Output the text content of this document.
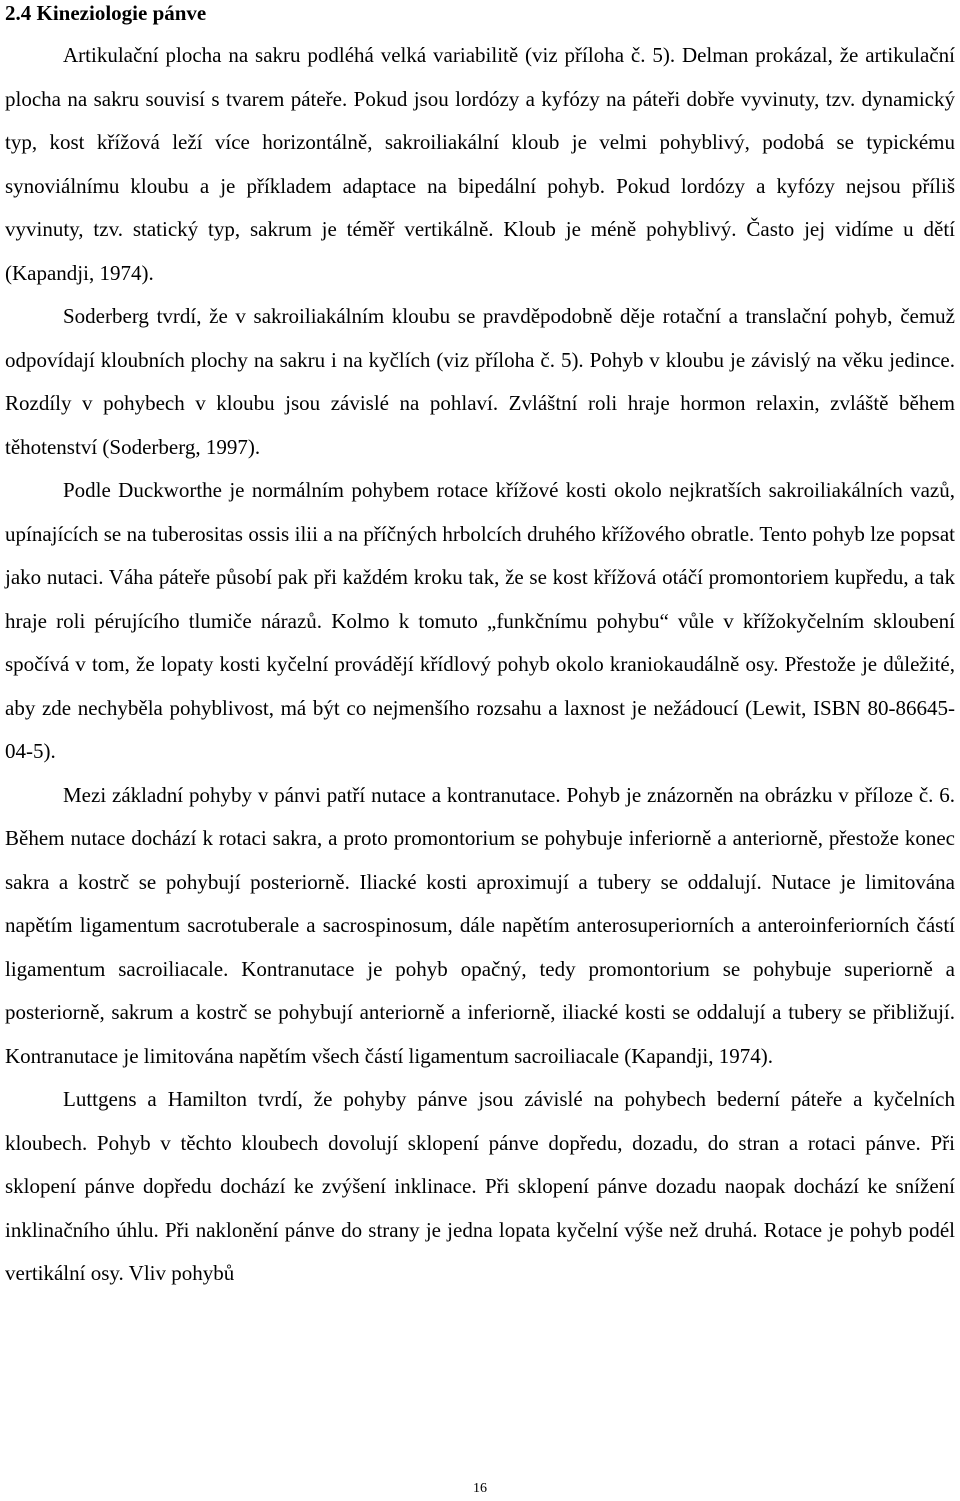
2.4 Kineziologie pánve

Artikulační plocha na sakru podléhá velká variabilitě (viz příloha č. 5). Delman prokázal, že artikulační plocha na sakru souvisí s tvarem páteře. Pokud jsou lordózy a kyfózy na páteři dobře vyvinuty, tzv. dynamický typ, kost křížová leží více horizontálně, sakroiliakální kloub je velmi pohyblivý, podobá se typickému synoviálnímu kloubu a je příkladem adaptace na bipedální pohyb. Pokud lordózy a kyfózy nejsou příliš vyvinuty, tzv. statický typ, sakrum je téměř vertikálně. Kloub je méně pohyblivý. Často jej vidíme u dětí (Kapandji, 1974).

Soderberg tvrdí, že v sakroiliakálním kloubu se pravděpodobně děje rotační a translační pohyb, čemuž odpovídají kloubních plochy na sakru i na kyčlích (viz příloha č. 5). Pohyb v kloubu je závislý na věku jedince. Rozdíly v pohybech v kloubu jsou závislé na pohlaví. Zvláštní roli hraje hormon relaxin, zvláště během těhotenství (Soderberg, 1997).

Podle Duckworthe je normálním pohybem rotace křížové kosti okolo nejkratších sakroiliakálních vazů, upínajících se na tuberositas ossis ilii a na příčných hrbolcích druhého křížového obratle. Tento pohyb lze popsat jako nutaci. Váha páteře působí pak při každém kroku tak, že se kost křížová otáčí promontoriem kupředu, a tak hraje roli pérujícího tlumiče nárazů. Kolmo k tomuto „funkčnímu pohybu“ vůle v křížokyčelním skloubení spočívá v tom, že lopaty kosti kyčelní provádějí křídlový pohyb okolo kraniokaudálně osy. Přestože je důležité, aby zde nechyběla pohyblivost, má být co nejmenšího rozsahu a laxnost je nežádoucí (Lewit, ISBN 80-86645-04-5).

Mezi základní pohyby v pánvi patří nutace a kontranutace. Pohyb je znázorněn na obrázku v příloze č. 6. Během nutace dochází k rotaci sakra, a proto promontorium se pohybuje inferiorně a anteriorně, přestože konec sakra a kostrč se pohybují posteriorně. Iliacké kosti aproximují a tubery se oddalují. Nutace je limitována napětím ligamentum sacrotuberale a sacrospinosum, dále napětím anterosuperiorních a anteroinferiorních částí ligamentum sacroiliacale. Kontranutace je pohyb opačný, tedy promontorium se pohybuje superiorně a posteriorně, sakrum a kostrč se pohybují anteriorně a inferiorně, iliacké kosti se oddalují a tubery se přibližují. Kontranutace je limitována napětím všech částí ligamentum sacroiliacale (Kapandji, 1974).

Luttgens a Hamilton tvrdí, že pohyby pánve jsou závislé na pohybech bederní páteře a kyčelních kloubech. Pohyb v těchto kloubech dovolují sklopení pánve dopředu, dozadu, do stran a rotaci pánve. Při sklopení pánve dopředu dochází ke zvýšení inklinace. Při sklopení pánve dozadu naopak dochází ke snížení inklinačního úhlu. Při naklonění pánve do strany je jedna lopata kyčelní výše než druhá. Rotace je pohyb podél vertikální osy. Vliv pohybů

16
